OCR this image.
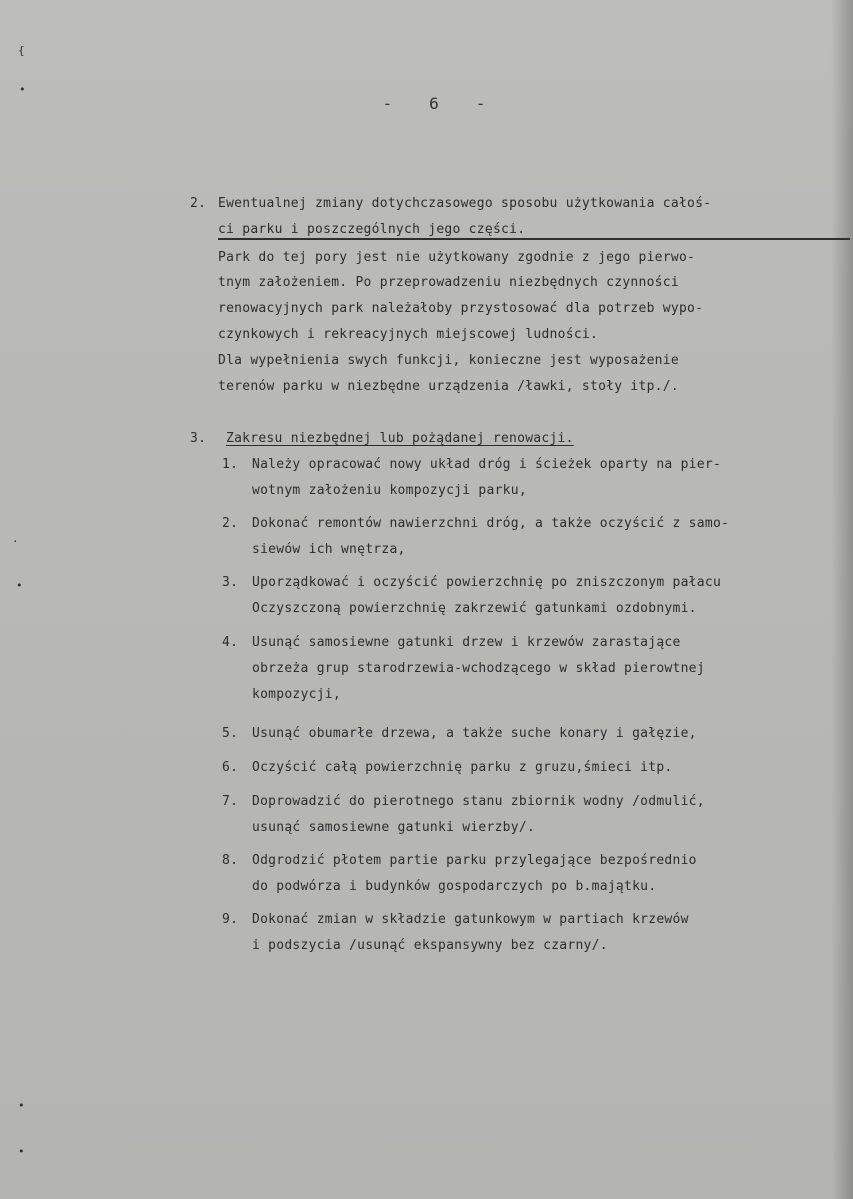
{
•
·
•
•
•
-   6   -
2. Ewentualnej zmiany dotychczasowego sposobu użytkowania całoś-
ci parku i poszczególnych jego części.
Park do tej pory jest nie użytkowany zgodnie z jego pierwo-
tnym założeniem. Po przeprowadzeniu niezbędnych czynności
renowacyjnych park należałoby przystosować dla potrzeb wypo-
czynkowych i rekreacyjnych miejscowej ludności.
Dla wypełnienia swych funkcji, konieczne jest wyposażenie
terenów parku w niezbędne urządzenia /ławki, stoły itp./.
3. Zakresu niezbędnej lub pożądanej renowacji.
1. Należy opracować nowy układ dróg i ścieżek oparty na pier-
wotnym założeniu kompozycji parku,
2. Dokonać remontów nawierzchni dróg, a także oczyścić z samo-
siewów ich wnętrza,
3. Uporządkować i oczyścić powierzchnię po zniszczonym pałacu
Oczyszczoną powierzchnię zakrzewić gatunkami ozdobnymi.
4. Usunąć samosiewne gatunki drzew i krzewów zarastające
obrzeża grup starodrzewia-wchodzącego w skład pierowtnej
kompozycji,
5. Usunąć obumarłe drzewa, a także suche konary i gałęzie,
6. Oczyścić całą powierzchnię parku z gruzu,śmieci itp.
7. Doprowadzić do pierotnego stanu zbiornik wodny /odmulić,
usunąć samosiewne gatunki wierzby/.
8. Odgrodzić płotem partie parku przylegające bezpośrednio
do podwórza i budynków gospodarczych po b.majątku.
9. Dokonać zmian w składzie gatunkowym w partiach krzewów
i podszycia /usunąć ekspansywny bez czarny/.
